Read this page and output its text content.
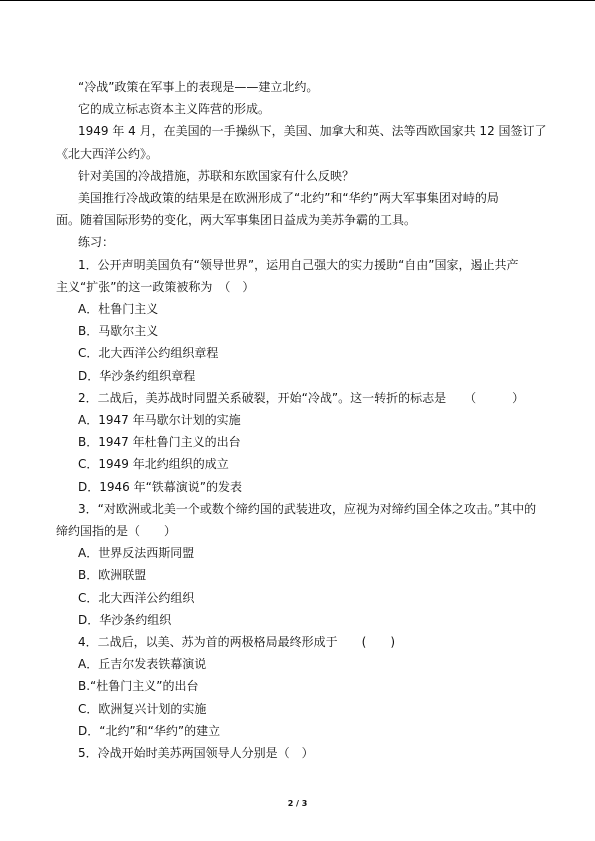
“冷战”政策在军事上的表现是——建立北约。

它的成立标志资本主义阵营的形成。

1949 年 4 月，在美国的一手操纵下，美国、加拿大和英、法等西欧国家共 12 国签订了

《北大西洋公约》。

针对美国的冷战措施，苏联和东欧国家有什么反映？

美国推行冷战政策的结果是在欧洲形成了“北约”和“华约”两大军事集团对峙的局

面。随着国际形势的变化，两大军事集团日益成为美苏争霸的工具。

练习：

1．公开声明美国负有“领导世界”，运用自己强大的实力援助“自由”国家，遏止共产

主义“扩张”的这一政策被称为　（　）

A．杜鲁门主义

B．马歇尔主义

C．北大西洋公约组织章程

D．华沙条约组织章程

2．二战后，美苏战时同盟关系破裂，开始“冷战”。这一转折的标志是　　（　　　）

A．1947 年马歇尔计划的实施

B．1947 年杜鲁门主义的出台

C．1949 年北约组织的成立

D．1946 年“铁幕演说”的发表

3．“对欧洲或北美一个或数个缔约国的武装进攻，应视为对缔约国全体之攻击。”其中的

缔约国指的是（　　）

A．世界反法西斯同盟

B．欧洲联盟

C．北大西洋公约组织

D．华沙条约组织

4．二战后，以美、苏为首的两极格局最终形成于　　(　　)

A．丘吉尔发表铁幕演说

B.“杜鲁门主义”的出台

C．欧洲复兴计划的实施

D．“北约”和“华约”的建立

5．冷战开始时美苏两国领导人分别是（　）

2 / 3
